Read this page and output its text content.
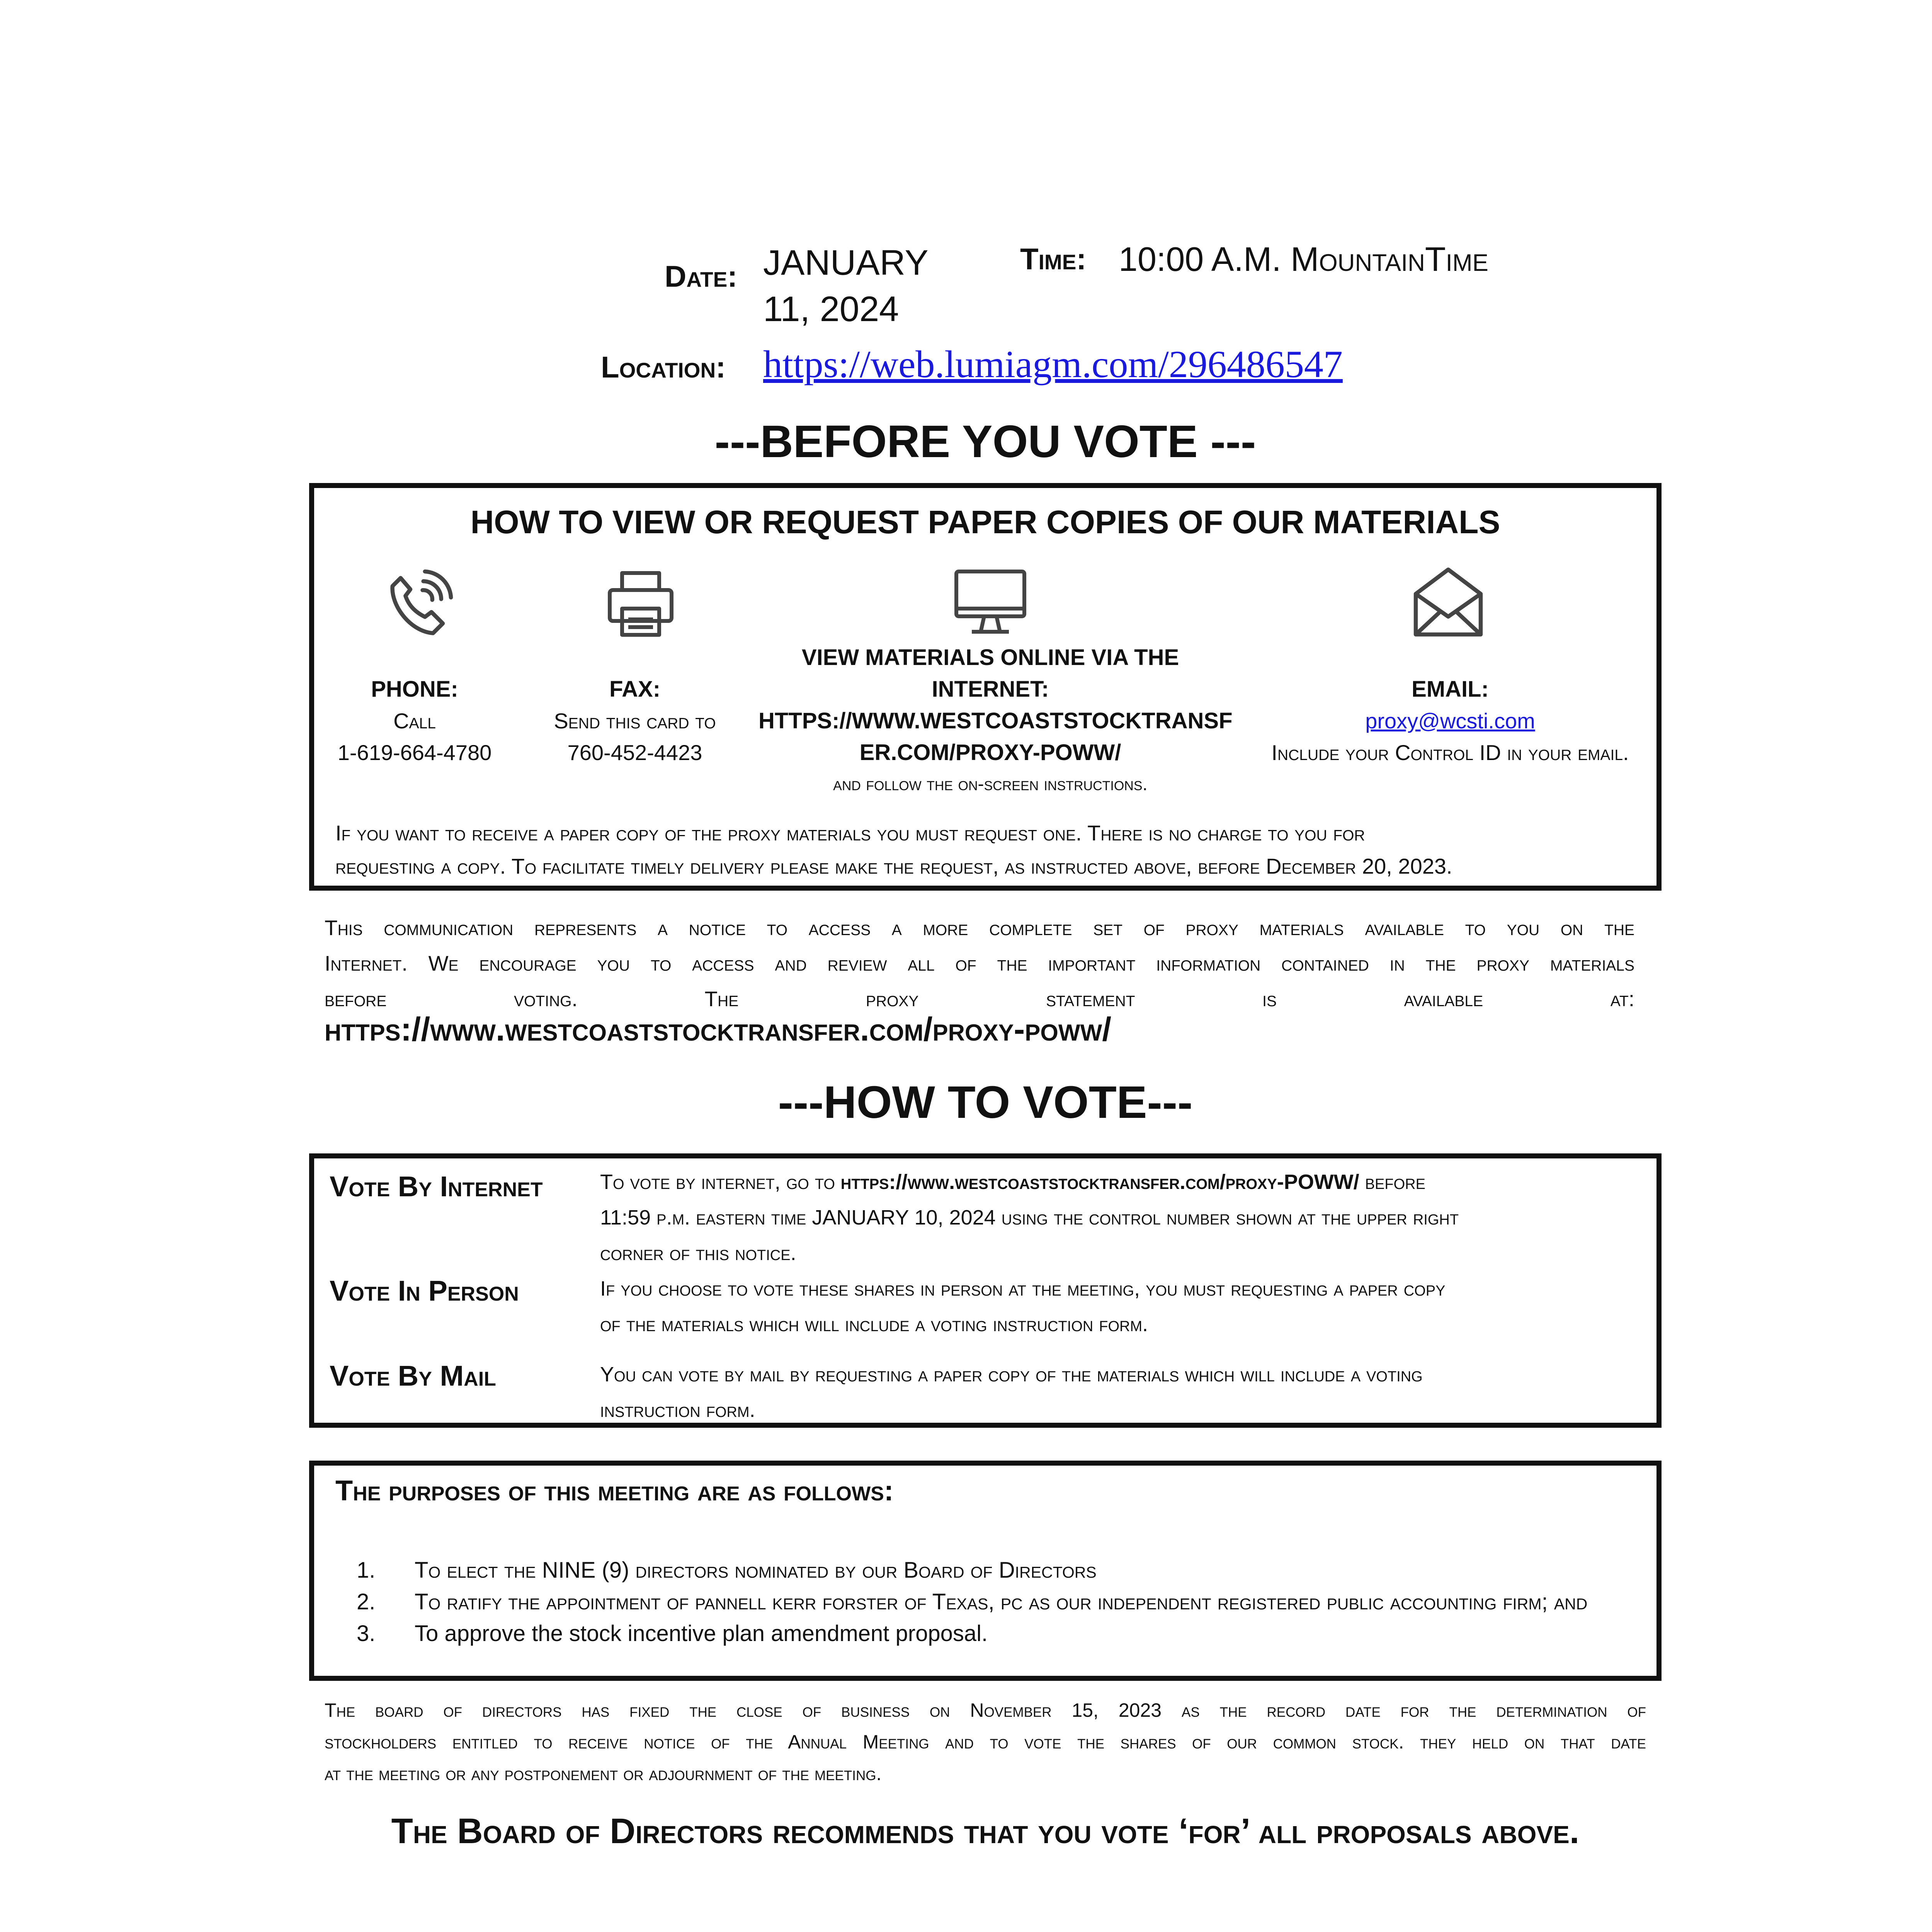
Date: JANUARY 11, 2024
Time: 10:00 A.M. MountainTime
Location: https://web.lumiagm.com/296486547
---BEFORE YOU VOTE ---
HOW TO VIEW OR REQUEST PAPER COPIES OF OUR MATERIALS
PHONE:
Call
1-619-664-4780
FAX:
Send this card to
760-452-4423
VIEW MATERIALS ONLINE VIA THE
INTERNET:
HTTPS://WWW.WESTCOASTSTOCKTRANSF
ER.COM/PROXY-POWW/
and follow the on-screen instructions.
EMAIL:
proxy@wcsti.com
Include your Control ID in your email.
If you want to receive a paper copy of the proxy materials you must request one. There is no charge to you for
requesting a copy. To facilitate timely delivery please make the request, as instructed above, before December 20, 2023.
This communication represents a notice to access a more complete set of proxy materials available to you on the
Internet. We encourage you to access and review all of the important information contained in the proxy materials
before voting. The proxy statement is available at:
https://www.westcoaststocktransfer.com/proxy-poww/
---HOW TO VOTE---
Vote By Internet	To vote by internet, go to https://www.westcoaststocktransfer.com/proxy-POWW/ before
11:59 p.m. eastern time JANUARY 10, 2024 using the control number shown at the upper right
corner of this notice.
Vote In Person	If you choose to vote these shares in person at the meeting, you must requesting a paper copy
of the materials which will include a voting instruction form.
Vote By Mail	You can vote by mail by requesting a paper copy of the materials which will include a voting
instruction form.
The purposes of this meeting are as follows:
1. To elect the NINE (9) directors nominated by our Board of Directors
2. To ratify the appointment of pannell kerr forster of Texas, pc as our independent registered public accounting firm; and
3. To approve the stock incentive plan amendment proposal.
The board of directors has fixed the close of business on November 15, 2023 as the record date for the determination of
stockholders entitled to receive notice of the Annual Meeting and to vote the shares of our common stock. they held on that date
at the meeting or any postponement or adjournment of the meeting.
The Board of Directors recommends that you vote ‘for’ all proposals above.
